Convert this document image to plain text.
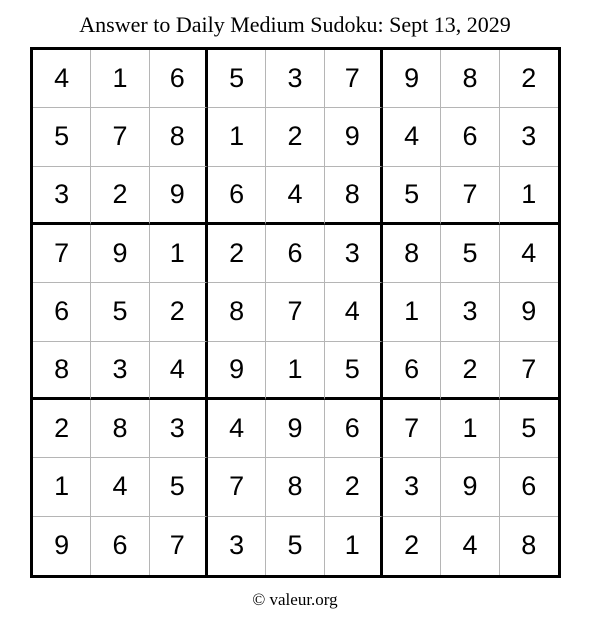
Answer to Daily Medium Sudoku: Sept 13, 2029
4	1	6	5	3	7	9	8	2
5	7	8	1	2	9	4	6	3
3	2	9	6	4	8	5	7	1
7	9	1	2	6	3	8	5	4
6	5	2	8	7	4	1	3	9
8	3	4	9	1	5	6	2	7
2	8	3	4	9	6	7	1	5
1	4	5	7	8	2	3	9	6
9	6	7	3	5	1	2	4	8
© valeur.org
